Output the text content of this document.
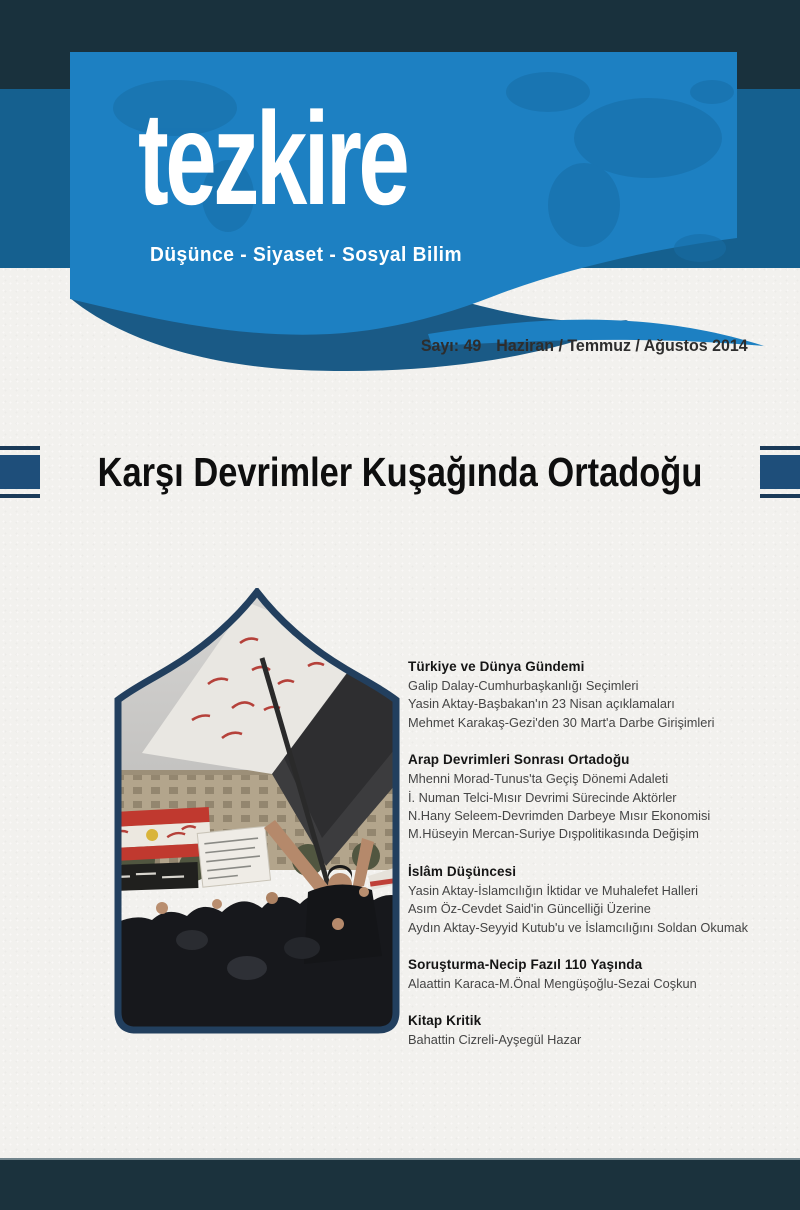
tezkire
Düşünce - Siyaset - Sosyal Bilim
Sayı: 49 Haziran / Temmuz / Ağustos 2014
Karşı Devrimler Kuşağında Ortadoğu
Türkiye ve Dünya Gündemi
Galip Dalay-Cumhurbaşkanlığı Seçimleri
Yasin Aktay-Başbakan'ın 23 Nisan açıklamaları
Mehmet Karakaş-Gezi'den 30 Mart'a Darbe Girişimleri
Arap Devrimleri Sonrası Ortadoğu
Mhenni Morad-Tunus'ta Geçiş Dönemi Adaleti
İ. Numan Telci-Mısır Devrimi Sürecinde Aktörler
N.Hany Seleem-Devrimden Darbeye Mısır Ekonomisi
M.Hüseyin Mercan-Suriye Dışpolitikasında Değişim
İslâm Düşüncesi
Yasin Aktay-İslamcılığın İktidar ve Muhalefet Halleri
Asım Öz-Cevdet Said'in Güncelliği Üzerine
Aydın Aktay-Seyyid Kutub'u ve İslamcılığını Soldan Okumak
Soruşturma-Necip Fazıl 110 Yaşında
Alaattin Karaca-M.Önal Mengüşoğlu-Sezai Coşkun
Kitap Kritik
Bahattin Cizreli-Ayşegül Hazar
